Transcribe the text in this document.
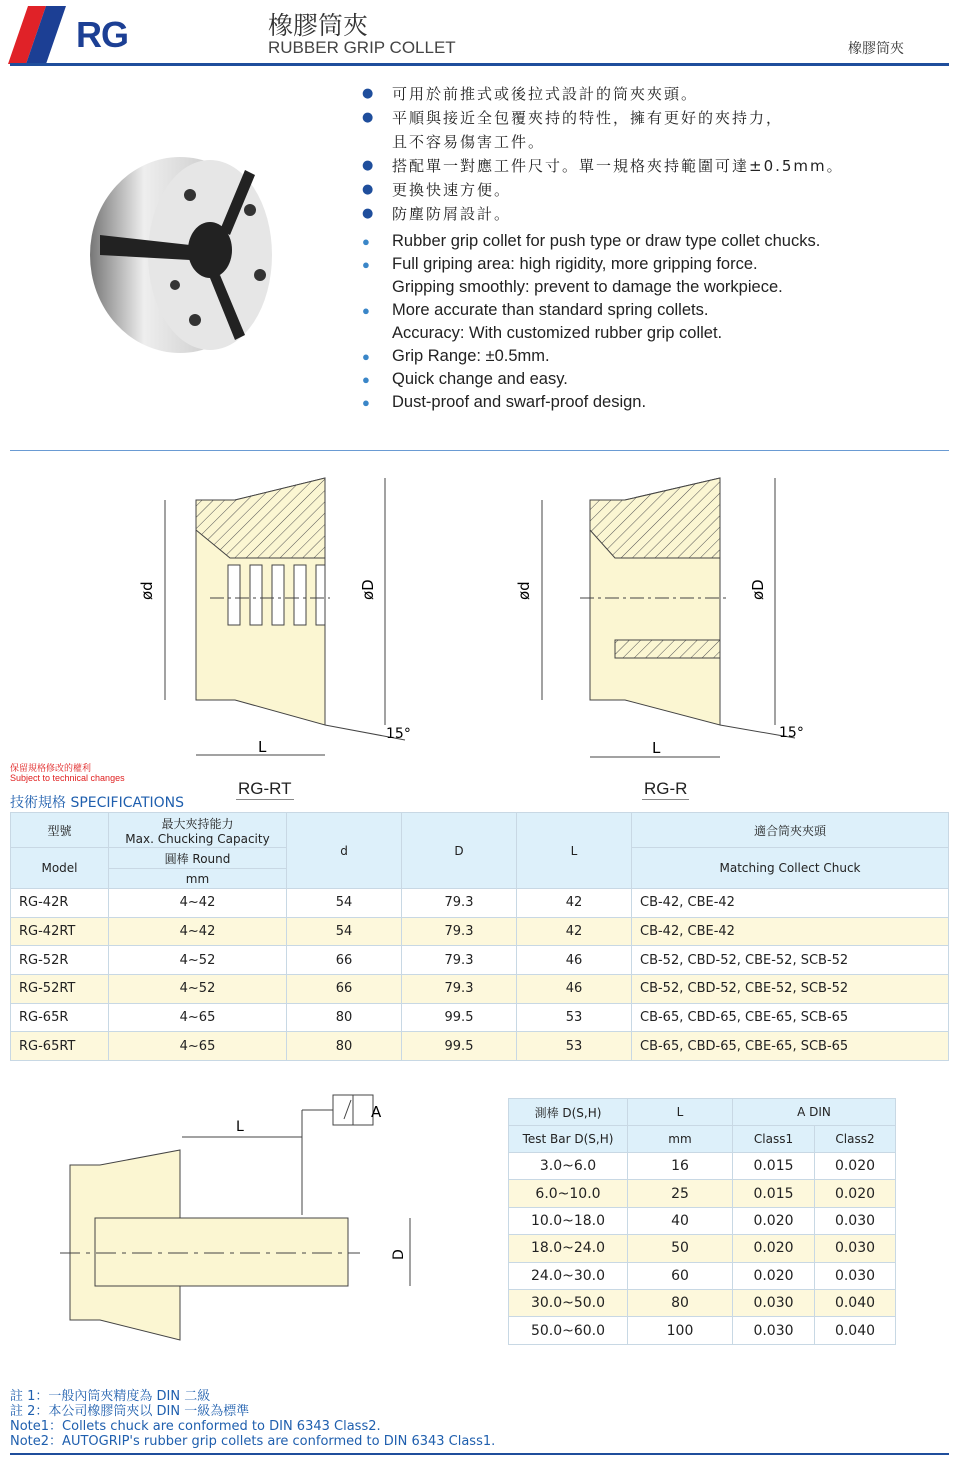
RG	橡膠筒夾
RUBBER GRIP COLLET	橡膠筒夾
●	可用於前推式或後拉式設計的筒夾夾頭。
●	平順與接近全包覆夾持的特性，擁有更好的夾持力，
且不容易傷害工件。
●	搭配單一對應工件尺寸。單一規格夾持範圍可達±0.5mm。
●	更換快速方便。
●	防塵防屑設計。
●	Rubber grip collet for push type or draw type collet chucks.
●	Full griping area: high rigidity, more gripping force.
Gripping smoothly: prevent to damage the workpiece.
●	More accurate than standard spring collets.
Accuracy: With customized rubber grip collet.
●	Grip Range: ±0.5mm.
●	Quick change and easy.
●	Dust-proof and swarf-proof design.
ød	øD
L
15°
RG-RT
ød	øD
L
15°
RG-R
保留規格修改的權利
Subject to technical changes
技術規格 SPECIFICATIONS
型號	最大夾持能力
Max. Chucking Capacity	d	D	L	適合筒夾夾頭
Model	圓棒 Round				Matching Collect Chuck
	mm				
RG-42R	4~42	54	79.3	42	CB-42, CBE-42
RG-42RT	4~42	54	79.3	42	CB-42, CBE-42
RG-52R	4~52	66	79.3	46	CB-52, CBD-52, CBE-52, SCB-52
RG-52RT	4~52	66	79.3	46	CB-52, CBD-52, CBE-52, SCB-52
RG-65R	4~65	80	99.5	53	CB-65, CBD-65, CBE-65, SCB-65
RG-65RT	4~65	80	99.5	53	CB-65, CBD-65, CBE-65, SCB-65
L
A
D
測棒 D(S,H)	L	A DIN	
Test Bar D(S,H)	mm	Class1	Class2
3.0~6.0	16	0.015	0.020
6.0~10.0	25	0.015	0.020
10.0~18.0	40	0.020	0.030
18.0~24.0	50	0.020	0.030
24.0~30.0	60	0.020	0.030
30.0~50.0	80	0.030	0.040
50.0~60.0	100	0.030	0.040
註 1：一般內筒夾精度為 DIN 二級
註 2：本公司橡膠筒夾以 DIN 一級為標準
Note1：Collets chuck are conformed to DIN 6343 Class2.
Note2：AUTOGRIP's rubber grip collets are conformed to DIN 6343 Class1.
